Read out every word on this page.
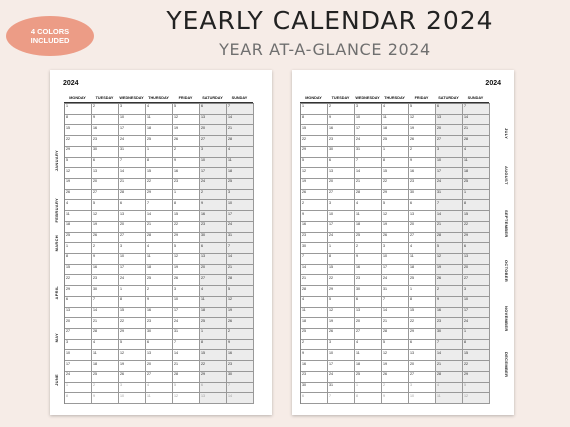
4 COLORS
INCLUDED
YEARLY CALENDAR 2024
YEAR AT-A-GLANCE 2024
2024
MONDAY	TUESDAY	WEDNESDAY	THURSDAY	FRIDAY	SATURDAY	SUNDAY
1	2	3	4	5	6	7
8	9	10	11	12	13	14
15	16	17	18	19	20	21
22	23	24	25	26	27	28
29	30	31	1	2	3	4
5	6	7	8	9	10	11
12	13	14	15	16	17	18
19	20	21	22	23	24	25
26	27	28	29	1	2	3
4	5	6	7	8	9	10
11	12	13	14	15	16	17
18	19	20	21	22	23	24
25	26	27	28	29	30	31
1	2	3	4	5	6	7
8	9	10	11	12	13	14
15	16	17	18	19	20	21
22	23	24	25	26	27	28
29	30	1	2	3	4	5
6	7	8	9	10	11	12
13	14	15	16	17	18	19
20	21	22	23	24	25	26
27	28	29	30	31	1	2
3	4	5	6	7	8	9
10	11	12	13	14	15	16
17	18	19	20	21	22	23
24	25	26	27	28	29	30
1	2	3	4	5	6	7
8	9	10	11	12	13	14
JANUARY
FEBRUARY
MARCH
APRIL
MAY
JUNE
2024
MONDAY	TUESDAY	WEDNESDAY	THURSDAY	FRIDAY	SATURDAY	SUNDAY
1	2	3	4	5	6	7
8	9	10	11	12	13	14
15	16	17	18	19	20	21
22	23	24	25	26	27	28
29	30	31	1	2	3	4
5	6	7	8	9	10	11
12	13	14	15	16	17	18
19	20	21	22	23	24	25
26	27	28	29	30	31	1
2	3	4	5	6	7	8
9	10	11	12	13	14	15
16	17	18	19	20	21	22
23	24	25	26	27	28	29
30	1	2	3	4	5	6
7	8	9	10	11	12	13
14	15	16	17	18	19	20
21	22	23	24	25	26	27
28	29	30	31	1	2	3
4	5	6	7	8	9	10
11	12	13	14	15	16	17
18	19	20	21	22	23	24
25	26	27	28	29	30	1
2	3	4	5	6	7	8
9	10	11	12	13	14	15
16	17	18	19	20	21	22
23	24	25	26	27	28	29
30	31	1	2	3	4	5
6	7	8	9	10	11	12
JULY
AUGUST
SEPTEMBER
OCTOBER
NOVEMBER
DECEMBER
